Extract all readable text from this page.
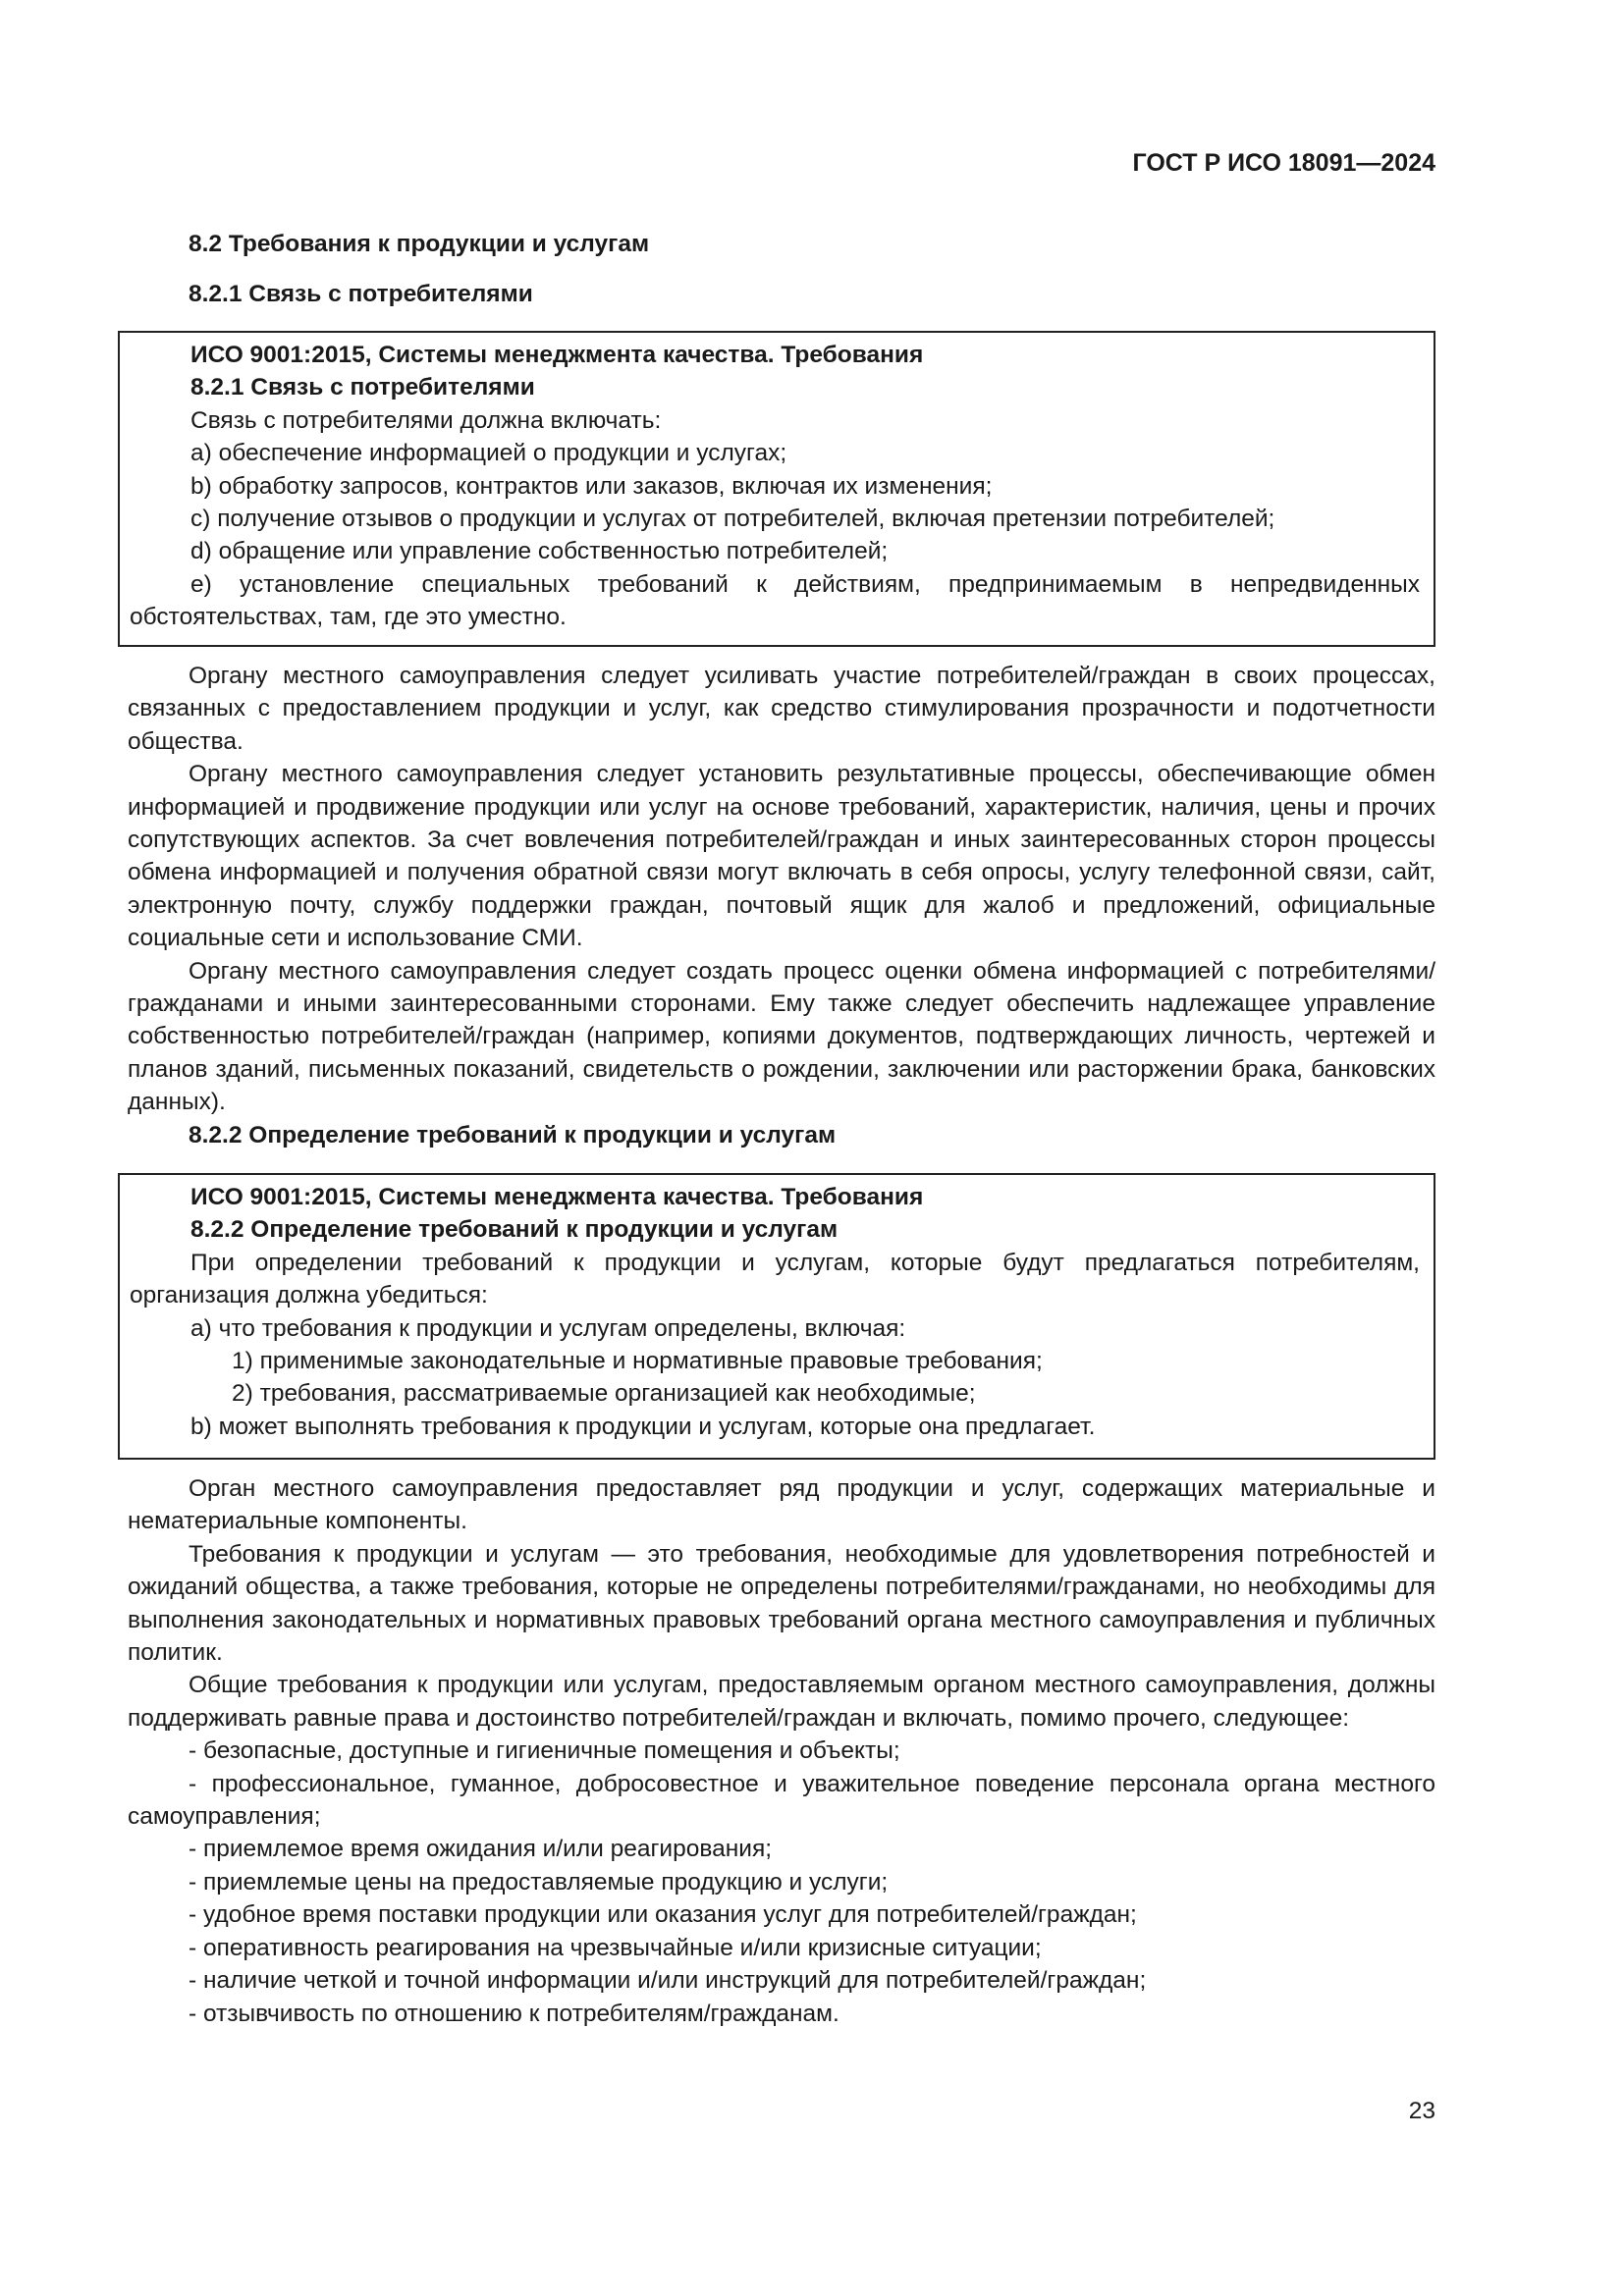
ГОСТ Р ИСО 18091—2024
8.2 Требования к продукции и услугам
8.2.1 Связь с потребителями
ИСО 9001:2015, Системы менеджмента качества. Требования
8.2.1 Связь с потребителями
Связь с потребителями должна включать:
a) обеспечение информацией о продукции и услугах;
b) обработку запросов, контрактов или заказов, включая их изменения;
c) получение отзывов о продукции и услугах от потребителей, включая претензии потребителей;
d) обращение или управление собственностью потребителей;
e) установление специальных требований к действиям, предпринимаемым в непредвиденных обстоятельствах, там, где это уместно.

Органу местного самоуправления следует усиливать участие потребителей/граждан в своих процессах, связанных с предоставлением продукции и услуг, как средство стимулирования прозрачности и подотчетности общества.

Органу местного самоуправления следует установить результативные процессы, обеспечивающие обмен информацией и продвижение продукции или услуг на основе требований, характеристик, наличия, цены и прочих сопутствующих аспектов. За счет вовлечения потребителей/граждан и иных заинтересованных сторон процессы обмена информацией и получения обратной связи могут включать в себя опросы, услугу телефонной связи, сайт, электронную почту, службу поддержки граждан, почтовый ящик для жалоб и предложений, официальные социальные сети и использование СМИ.

Органу местного самоуправления следует создать процесс оценки обмена информацией с потребителями/гражданами и иными заинтересованными сторонами. Ему также следует обеспечить надлежащее управление собственностью потребителей/граждан (например, копиями документов, подтверждающих личность, чертежей и планов зданий, письменных показаний, свидетельств о рождении, заключении или расторжении брака, банковских данных).

8.2.2 Определение требований к продукции и услугам
ИСО 9001:2015, Системы менеджмента качества. Требования
8.2.2 Определение требований к продукции и услугам
При определении требований к продукции и услугам, которые будут предлагаться потребителям, организация должна убедиться:
a) что требования к продукции и услугам определены, включая:
1) применимые законодательные и нормативные правовые требования;
2) требования, рассматриваемые организацией как необходимые;
b) может выполнять требования к продукции и услугам, которые она предлагает.

Орган местного самоуправления предоставляет ряд продукции и услуг, содержащих материальные и нематериальные компоненты.

Требования к продукции и услугам — это требования, необходимые для удовлетворения потребностей и ожиданий общества, а также требования, которые не определены потребителями/гражданами, но необходимы для выполнения законодательных и нормативных правовых требований органа местного самоуправления и публичных политик.

Общие требования к продукции или услугам, предоставляемым органом местного самоуправления, должны поддерживать равные права и достоинство потребителей/граждан и включать, помимо прочего, следующее:

- безопасные, доступные и гигиеничные помещения и объекты;
- профессиональное, гуманное, добросовестное и уважительное поведение персонала органа местного самоуправления;
- приемлемое время ожидания и/или реагирования;
- приемлемые цены на предоставляемые продукцию и услуги;
- удобное время поставки продукции или оказания услуг для потребителей/граждан;
- оперативность реагирования на чрезвычайные и/или кризисные ситуации;
- наличие четкой и точной информации и/или инструкций для потребителей/граждан;
- отзывчивость по отношению к потребителям/гражданам.
23
